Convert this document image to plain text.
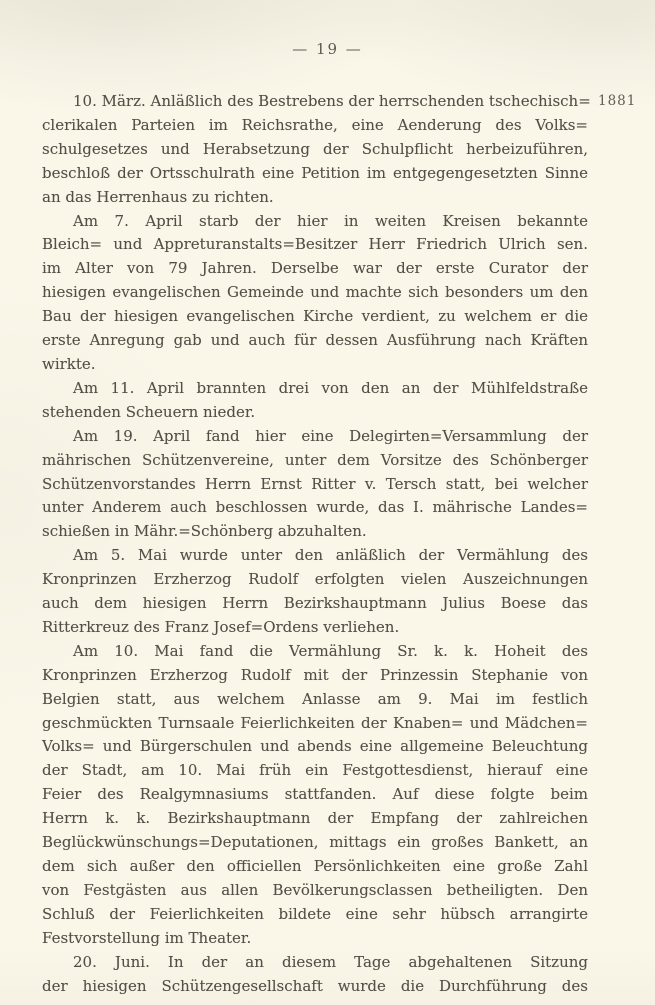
— 19 —
1881

10. März. Anläßlich des Bestrebens der herrschenden tschechisch=
clerikalen Parteien im Reichsrathe, eine Aenderung des Volks=
schulgesetzes und Herabsetzung der Schulpflicht herbeizuführen,
beschloß der Ortsschulrath eine Petition im entgegengesetzten Sinne
an das Herrenhaus zu richten.

Am 7. April starb der hier in weiten Kreisen bekannte
Bleich= und Appreturanstalts=Besitzer Herr Friedrich Ulrich sen.
im Alter von 79 Jahren. Derselbe war der erste Curator der
hiesigen evangelischen Gemeinde und machte sich besonders um den
Bau der hiesigen evangelischen Kirche verdient, zu welchem er die
erste Anregung gab und auch für dessen Ausführung nach Kräften wirkte.

Am 11. April brannten drei von den an der Mühlfeldstraße
stehenden Scheuern nieder.

Am 19. April fand hier eine Delegirten=Versammlung der
mährischen Schützenvereine, unter dem Vorsitze des Schönberger
Schützenvorstandes Herrn Ernst Ritter v. Tersch statt, bei welcher
unter Anderem auch beschlossen wurde, das I. mährische Landes=
schießen in Mähr.=Schönberg abzuhalten.

Am 5. Mai wurde unter den anläßlich der Vermählung des
Kronprinzen Erzherzog Rudolf erfolgten vielen Auszeichnungen
auch dem hiesigen Herrn Bezirkshauptmann Julius Boese das
Ritterkreuz des Franz Josef=Ordens verliehen.

Am 10. Mai fand die Vermählung Sr. k. k. Hoheit des
Kronprinzen Erzherzog Rudolf mit der Prinzessin Stephanie von
Belgien statt, aus welchem Anlasse am 9. Mai im festlich
geschmückten Turnsaale Feierlichkeiten der Knaben= und Mädchen=
Volks= und Bürgerschulen und abends eine allgemeine Beleuchtung
der Stadt, am 10. Mai früh ein Festgottesdienst, hierauf eine
Feier des Realgymnasiums stattfanden. Auf diese folgte beim
Herrn k. k. Bezirkshauptmann der Empfang der zahlreichen
Beglückwünschungs=Deputationen, mittags ein großes Bankett, an
dem sich außer den officiellen Persönlichkeiten eine große Zahl
von Festgästen aus allen Bevölkerungsclassen betheiligten. Den
Schluß der Feierlichkeiten bildete eine sehr hübsch arrangirte
Festvorstellung im Theater.

20. Juni. In der an diesem Tage abgehaltenen Sitzung
der hiesigen Schützengesellschaft wurde die Durchführung des
